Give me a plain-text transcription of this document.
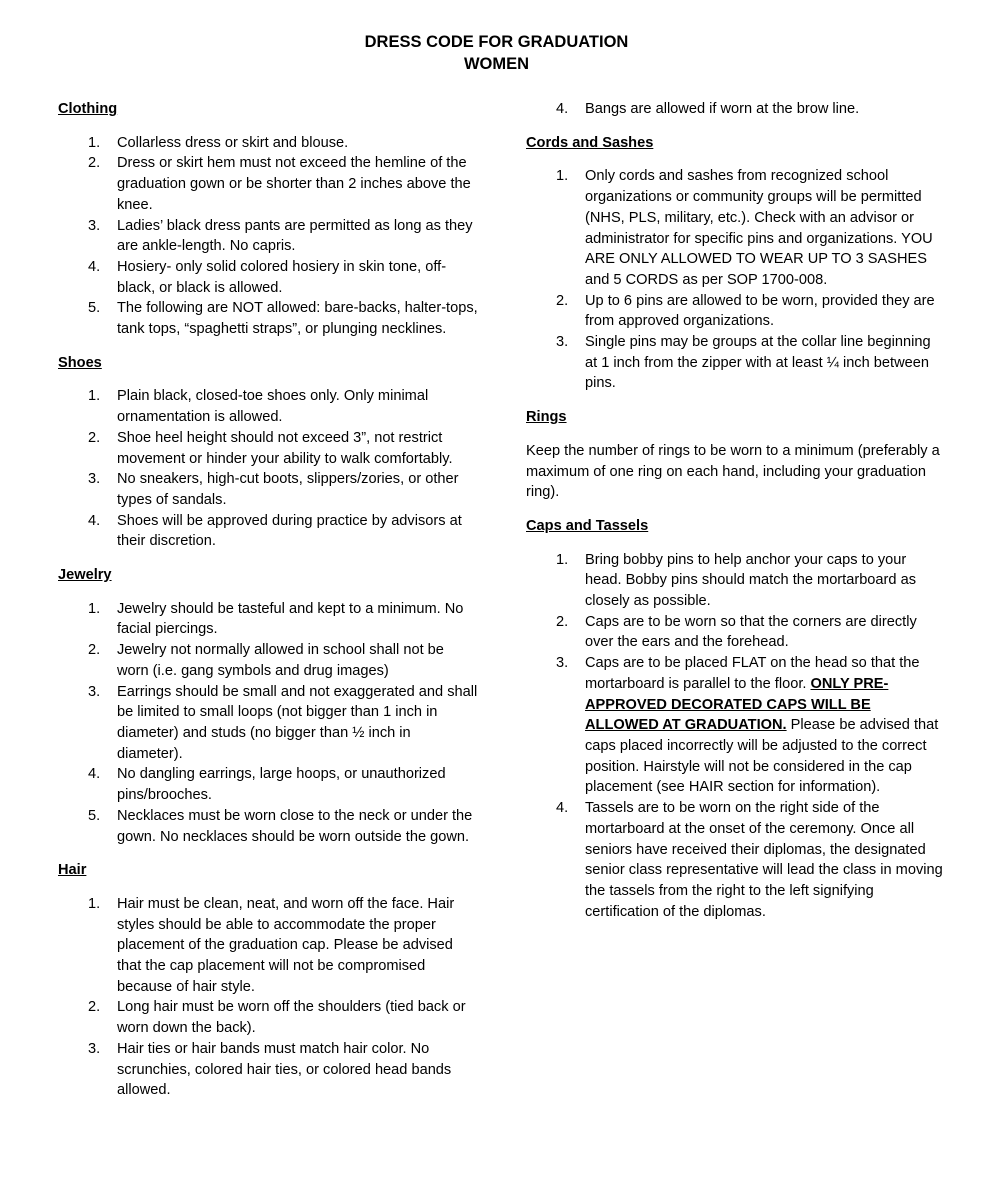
DRESS CODE FOR GRADUATION
WOMEN
Clothing
1. Collarless dress or skirt and blouse.
2. Dress or skirt hem must not exceed the hemline of the graduation gown or be shorter than 2 inches above the knee.
3. Ladies’ black dress pants are permitted as long as they are ankle-length. No capris.
4. Hosiery- only solid colored hosiery in skin tone, off-black, or black is allowed.
5. The following are NOT allowed: bare-backs, halter-tops, tank tops, “spaghetti straps”, or plunging necklines.
Shoes
1. Plain black, closed-toe shoes only. Only minimal ornamentation is allowed.
2. Shoe heel height should not exceed 3”, not restrict movement or hinder your ability to walk comfortably.
3. No sneakers, high-cut boots, slippers/zories, or other types of sandals.
4. Shoes will be approved during practice by advisors at their discretion.
Jewelry
1. Jewelry should be tasteful and kept to a minimum. No facial piercings.
2. Jewelry not normally allowed in school shall not be worn (i.e. gang symbols and drug images)
3. Earrings should be small and not exaggerated and shall be limited to small loops (not bigger than 1 inch in diameter) and studs (no bigger than ½ inch in diameter).
4. No dangling earrings, large hoops, or unauthorized pins/brooches.
5. Necklaces must be worn close to the neck or under the gown. No necklaces should be worn outside the gown.
Hair
1. Hair must be clean, neat, and worn off the face. Hair styles should be able to accommodate the proper placement of the graduation cap. Please be advised that the cap placement will not be compromised because of hair style.
2. Long hair must be worn off the shoulders (tied back or worn down the back).
3. Hair ties or hair bands must match hair color. No scrunchies, colored hair ties, or colored head bands allowed.
4. Bangs are allowed if worn at the brow line.
Cords and Sashes
1. Only cords and sashes from recognized school organizations or community groups will be permitted (NHS, PLS, military, etc.). Check with an advisor or administrator for specific pins and organizations. YOU ARE ONLY ALLOWED TO WEAR UP TO 3 SASHES and 5 CORDS as per SOP 1700-008.
2. Up to 6 pins are allowed to be worn, provided they are from approved organizations.
3. Single pins may be groups at the collar line beginning at 1 inch from the zipper with at least ¼ inch between pins.
Rings
Keep the number of rings to be worn to a minimum (preferably a maximum of one ring on each hand, including your graduation ring).
Caps and Tassels
1. Bring bobby pins to help anchor your caps to your head. Bobby pins should match the mortarboard as closely as possible.
2. Caps are to be worn so that the corners are directly over the ears and the forehead.
3. Caps are to be placed FLAT on the head so that the mortarboard is parallel to the floor. ONLY PRE-APPROVED DECORATED CAPS WILL BE ALLOWED AT GRADUATION. Please be advised that caps placed incorrectly will be adjusted to the correct position. Hairstyle will not be considered in the cap placement (see HAIR section for information).
4. Tassels are to be worn on the right side of the mortarboard at the onset of the ceremony. Once all seniors have received their diplomas, the designated senior class representative will lead the class in moving the tassels from the right to the left signifying certification of the diplomas.
